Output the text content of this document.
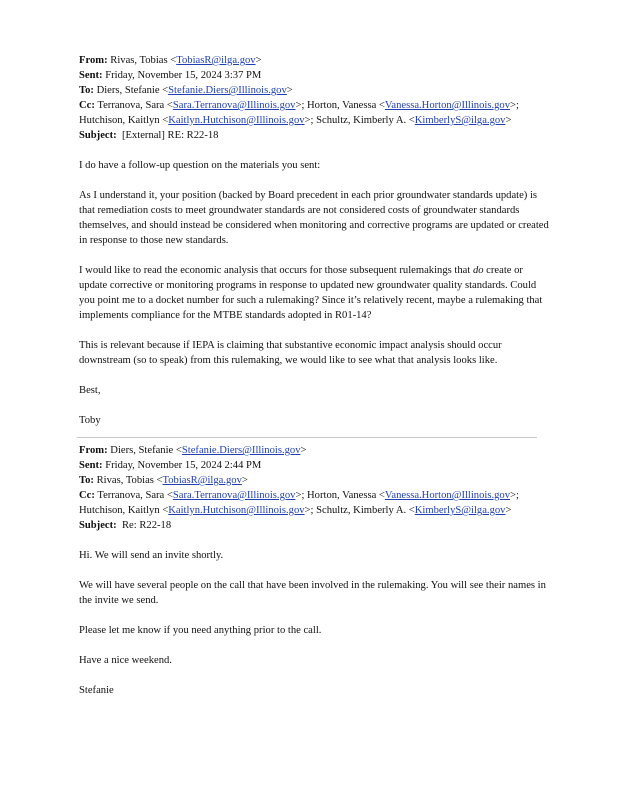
From: Rivas, Tobias <TobiasR@ilga.gov>
Sent: Friday, November 15, 2024 3:37 PM
To: Diers, Stefanie <Stefanie.Diers@Illinois.gov>
Cc: Terranova, Sara <Sara.Terranova@Illinois.gov>; Horton, Vanessa <Vanessa.Horton@Illinois.gov>;
Hutchison, Kaitlyn <Kaitlyn.Hutchison@Illinois.gov>; Schultz, Kimberly A. <KimberlyS@ilga.gov>
Subject: [External] RE: R22-18

I do have a follow-up question on the materials you sent:

As I understand it, your position (backed by Board precedent in each prior groundwater standards update) is that remediation costs to meet groundwater standards are not considered costs of groundwater standards themselves, and should instead be considered when monitoring and corrective programs are updated or created in response to those new standards.

I would like to read the economic analysis that occurs for those subsequent rulemakings that do create or update corrective or monitoring programs in response to updated new groundwater quality standards. Could you point me to a docket number for such a rulemaking? Since it’s relatively recent, maybe a rulemaking that implements compliance for the MTBE standards adopted in R01-14?

This is relevant because if IEPA is claiming that substantive economic impact analysis should occur downstream (so to speak) from this rulemaking, we would like to see what that analysis looks like.

Best,

Toby

From: Diers, Stefanie <Stefanie.Diers@Illinois.gov>
Sent: Friday, November 15, 2024 2:44 PM
To: Rivas, Tobias <TobiasR@ilga.gov>
Cc: Terranova, Sara <Sara.Terranova@Illinois.gov>; Horton, Vanessa <Vanessa.Horton@Illinois.gov>;
Hutchison, Kaitlyn <Kaitlyn.Hutchison@Illinois.gov>; Schultz, Kimberly A. <KimberlyS@ilga.gov>
Subject: Re: R22-18

Hi. We will send an invite shortly.

We will have several people on the call that have been involved in the rulemaking. You will see their names in the invite we send.

Please let me know if you need anything prior to the call.

Have a nice weekend.

Stefanie
